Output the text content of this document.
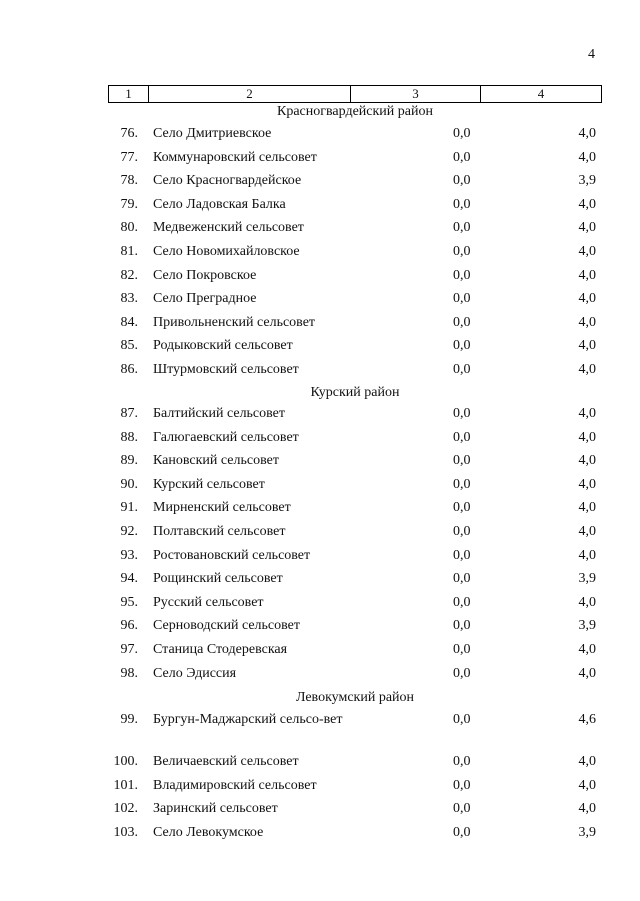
4
1	2	3	4
Красногвардейский район
76. Село Дмитриевское	0,0	4,0
77. Коммунаровский сельсовет	0,0	4,0
78. Село Красногвардейское	0,0	3,9
79. Село Ладовская Балка	0,0	4,0
80. Медвеженский сельсовет	0,0	4,0
81. Село Новомихайловское	0,0	4,0
82. Село Покровское	0,0	4,0
83. Село Преградное	0,0	4,0
84. Привольненский сельсовет	0,0	4,0
85. Родыковский сельсовет	0,0	4,0
86. Штурмовский сельсовет	0,0	4,0
Курский район
87. Балтийский сельсовет	0,0	4,0
88. Галюгаевский сельсовет	0,0	4,0
89. Кановский сельсовет	0,0	4,0
90. Курский сельсовет	0,0	4,0
91. Мирненский сельсовет	0,0	4,0
92. Полтавский сельсовет	0,0	4,0
93. Ростовановский сельсовет	0,0	4,0
94. Рощинский сельсовет	0,0	3,9
95. Русский сельсовет	0,0	4,0
96. Серноводский сельсовет	0,0	3,9
97. Станица Стодеревская	0,0	4,0
98. Село Эдиссия	0,0	4,0
Левокумский район
99. Бургун-Маджарский сельсо-вет	0,0	4,6
100. Величаевский сельсовет	0,0	4,0
101. Владимировский сельсовет	0,0	4,0
102. Заринский сельсовет	0,0	4,0
103. Село Левокумское	0,0	3,9
